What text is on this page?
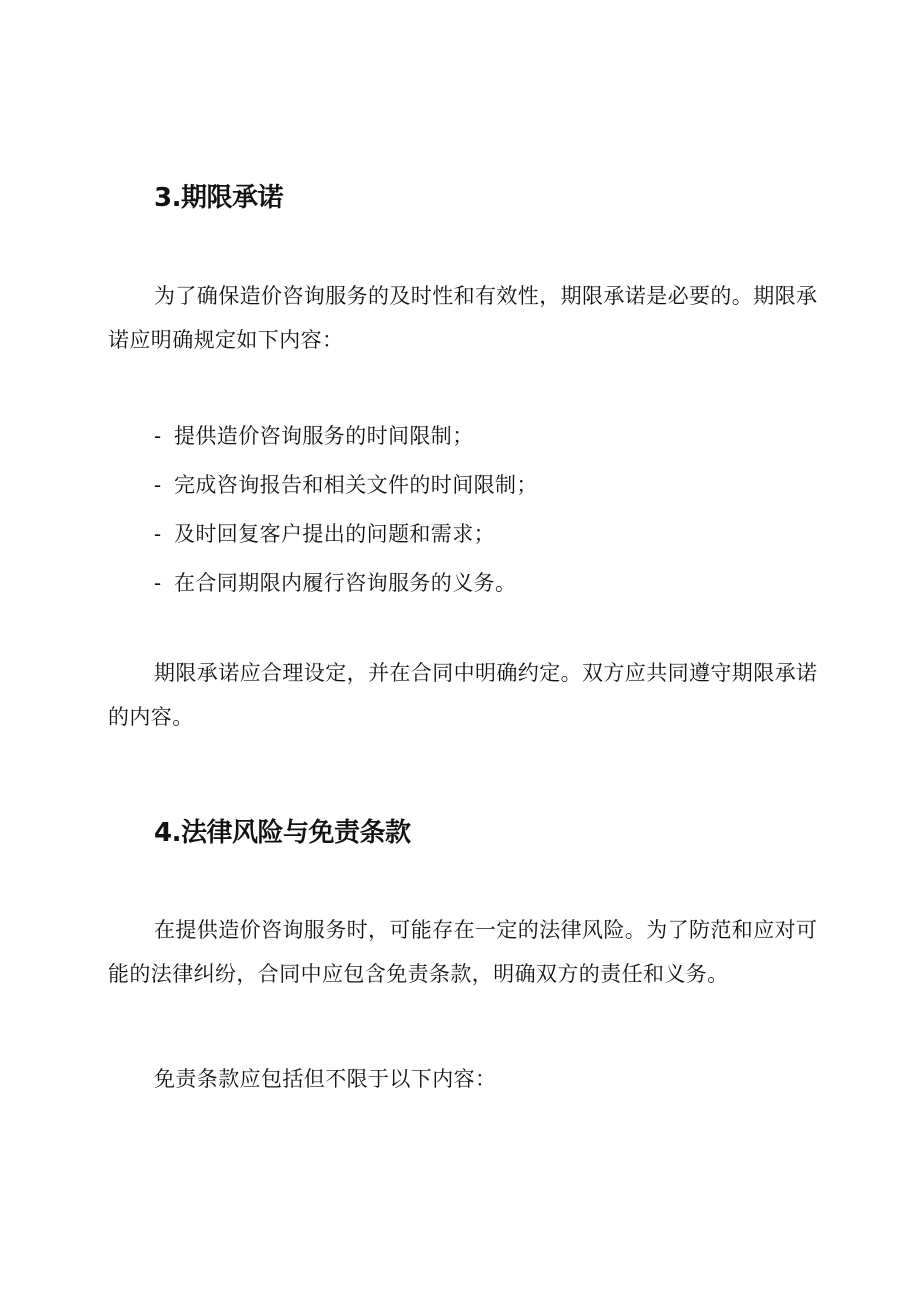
3.期限承诺

为了确保造价咨询服务的及时性和有效性，期限承诺是必要的。期限承诺应明确规定如下内容：

- 提供造价咨询服务的时间限制；
- 完成咨询报告和相关文件的时间限制；
- 及时回复客户提出的问题和需求；
- 在合同期限内履行咨询服务的义务。

期限承诺应合理设定，并在合同中明确约定。双方应共同遵守期限承诺的内容。

4.法律风险与免责条款

在提供造价咨询服务时，可能存在一定的法律风险。为了防范和应对可能的法律纠纷，合同中应包含免责条款，明确双方的责任和义务。

免责条款应包括但不限于以下内容：
